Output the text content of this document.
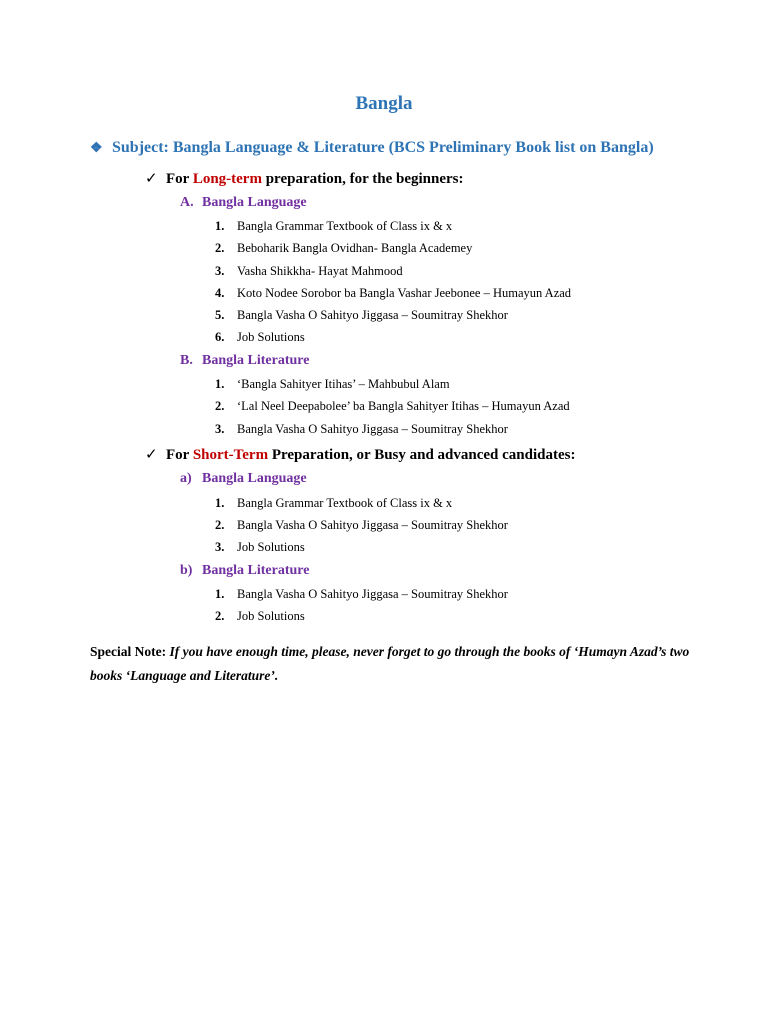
Bangla
❖ Subject: Bangla Language & Literature (BCS Preliminary Book list on Bangla)
✓ For Long-term preparation, for the beginners:
A. Bangla Language
1. Bangla Grammar Textbook of Class ix & x
2. Beboharik Bangla Ovidhan- Bangla Academey
3. Vasha Shikkha- Hayat Mahmood
4. Koto Nodee Sorobor ba Bangla Vashar Jeebonee – Humayun Azad
5. Bangla Vasha O Sahityo Jiggasa – Soumitray Shekhor
6. Job Solutions
B. Bangla Literature
1. ‘Bangla Sahityer Itihas’ – Mahbubul Alam
2. ‘Lal Neel Deepabolee’ ba Bangla Sahityer Itihas – Humayun Azad
3. Bangla Vasha O Sahityo Jiggasa – Soumitray Shekhor
✓ For Short-Term Preparation, or Busy and advanced candidates:
a) Bangla Language
1. Bangla Grammar Textbook of Class ix & x
2. Bangla Vasha O Sahityo Jiggasa – Soumitray Shekhor
3. Job Solutions
b) Bangla Literature
1. Bangla Vasha O Sahityo Jiggasa – Soumitray Shekhor
2. Job Solutions
Special Note: If you have enough time, please, never forget to go through the books of ‘Humayn Azad’s two books ‘Language and Literature’.
